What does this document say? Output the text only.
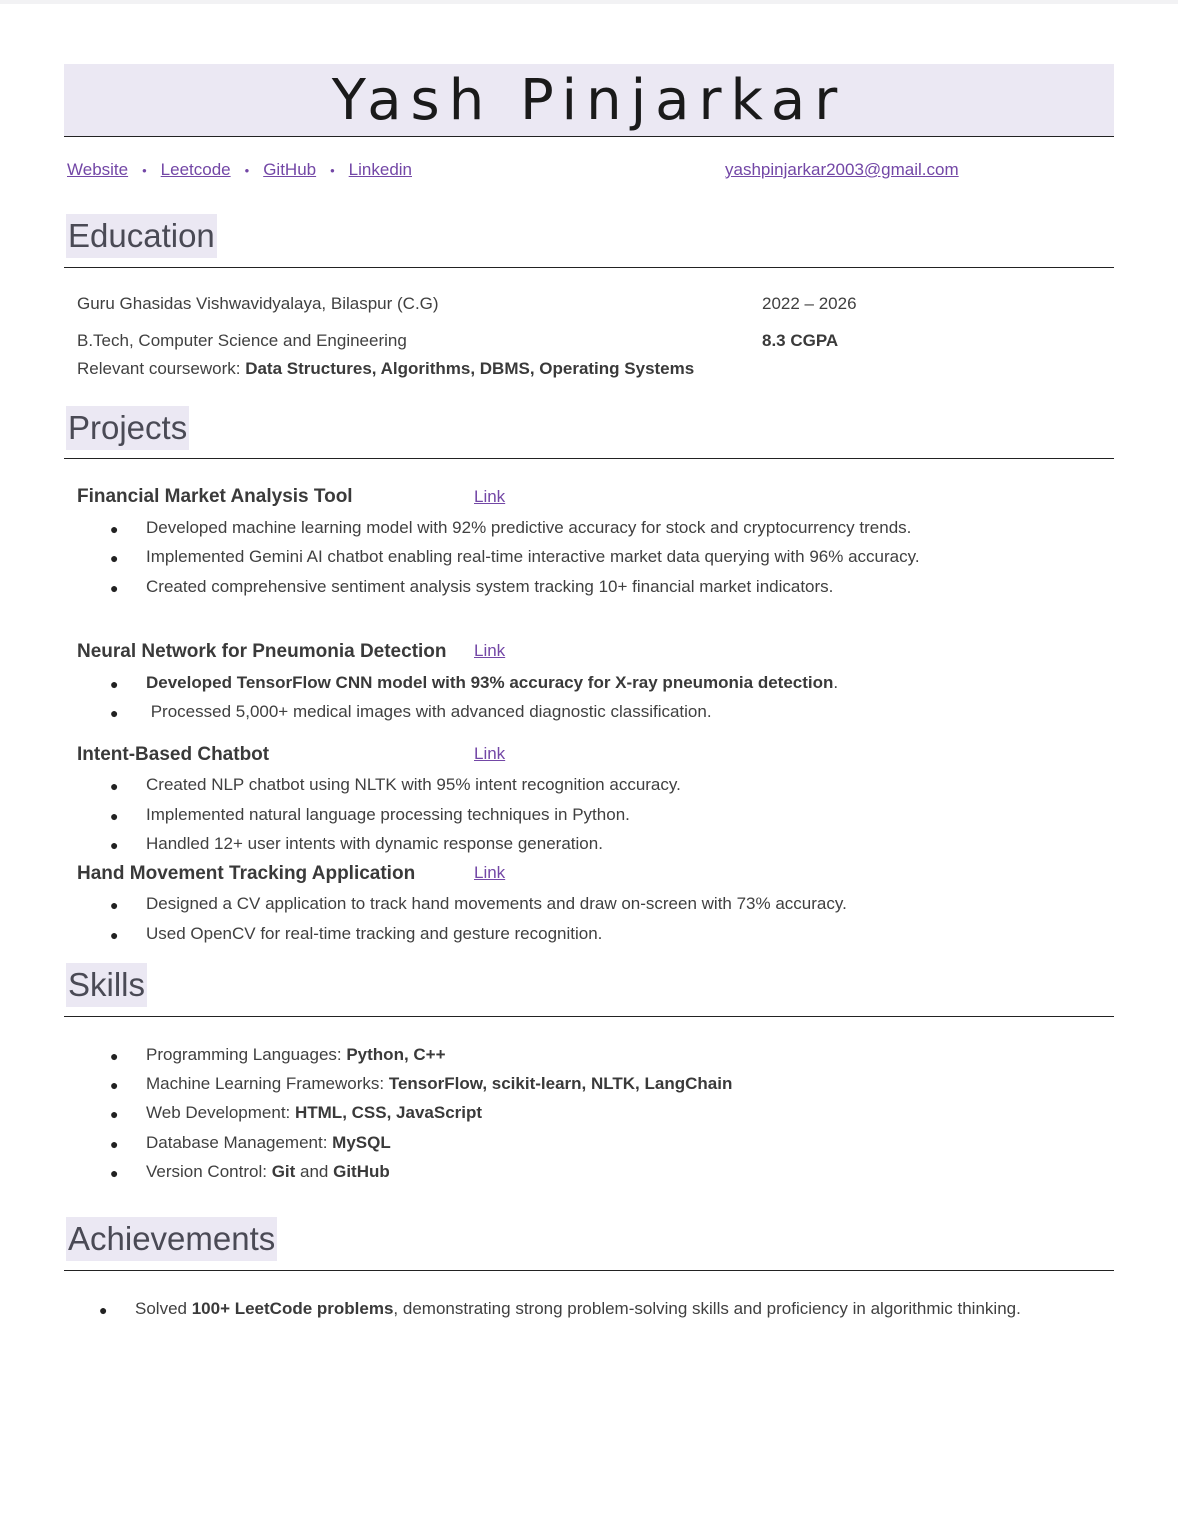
Yash Pinjarkar
Website • Leetcode • GitHub • Linkedin	yashpinjarkar2003@gmail.com
Education
Guru Ghasidas Vishwavidyalaya, Bilaspur (C.G)	2022 – 2026
B.Tech, Computer Science and Engineering	8.3 CGPA
Relevant coursework: Data Structures, Algorithms, DBMS, Operating Systems
Projects
Financial Market Analysis Tool	Link
●	Developed machine learning model with 92% predictive accuracy for stock and cryptocurrency trends.
●	Implemented Gemini AI chatbot enabling real-time interactive market data querying with 96% accuracy.
●	Created comprehensive sentiment analysis system tracking 10+ financial market indicators.
Neural Network for Pneumonia Detection Link
●	Developed TensorFlow CNN model with 93% accuracy for X-ray pneumonia detection.
●	Processed 5,000+ medical images with advanced diagnostic classification.
Intent-Based Chatbot	Link
●	Created NLP chatbot using NLTK with 95% intent recognition accuracy.
●	Implemented natural language processing techniques in Python.
●	Handled 12+ user intents with dynamic response generation.
Hand Movement Tracking Application	Link
●	Designed a CV application to track hand movements and draw on-screen with 73% accuracy.
●	Used OpenCV for real-time tracking and gesture recognition.
Skills
●	Programming Languages: Python, C++
●	Machine Learning Frameworks: TensorFlow, scikit-learn, NLTK, LangChain
●	Web Development: HTML, CSS, JavaScript
●	Database Management: MySQL
●	Version Control: Git and GitHub
Achievements
●	Solved 100+ LeetCode problems, demonstrating strong problem-solving skills and proficiency in algorithmic thinking.
